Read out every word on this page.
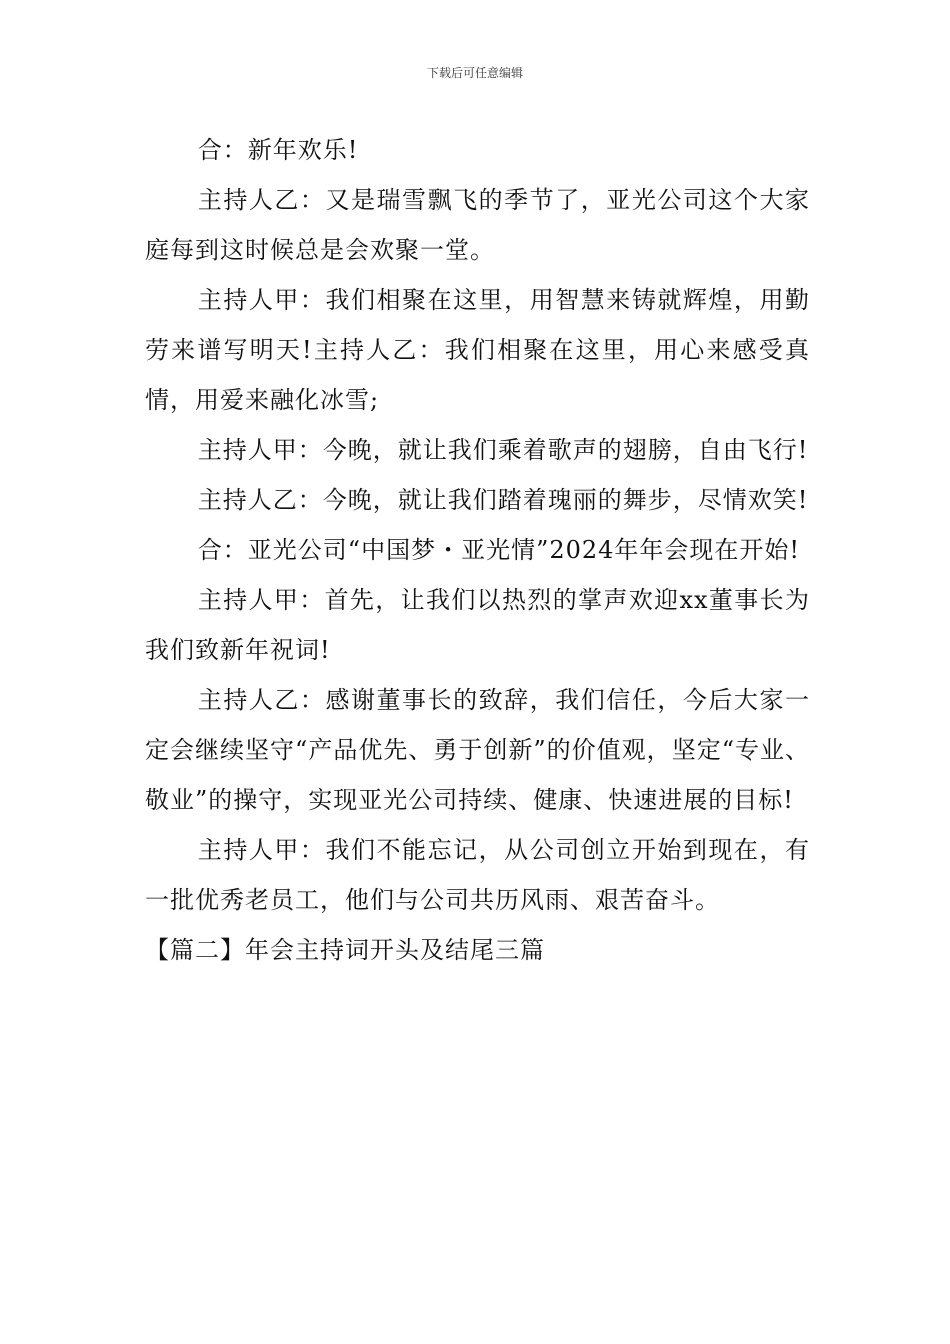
下载后可任意编辑

合：新年欢乐!

主持人乙：又是瑞雪飘飞的季节了，亚光公司这个大家庭每到这时候总是会欢聚一堂。

主持人甲：我们相聚在这里，用智慧来铸就辉煌，用勤劳来谱写明天!主持人乙：我们相聚在这里，用心来感受真情，用爱来融化冰雪;

主持人甲：今晚，就让我们乘着歌声的翅膀，自由飞行!

主持人乙：今晚，就让我们踏着瑰丽的舞步，尽情欢笑!

合：亚光公司“中国梦・亚光情”2024年年会现在开始!

主持人甲：首先，让我们以热烈的掌声欢迎xx董事长为我们致新年祝词!

主持人乙：感谢董事长的致辞，我们信任，今后大家一定会继续坚守“产品优先、勇于创新”的价值观，坚定“专业、敬业”的操守，实现亚光公司持续、健康、快速进展的目标!

主持人甲：我们不能忘记，从公司创立开始到现在，有一批优秀老员工，他们与公司共历风雨、艰苦奋斗。

【篇二】年会主持词开头及结尾三篇
